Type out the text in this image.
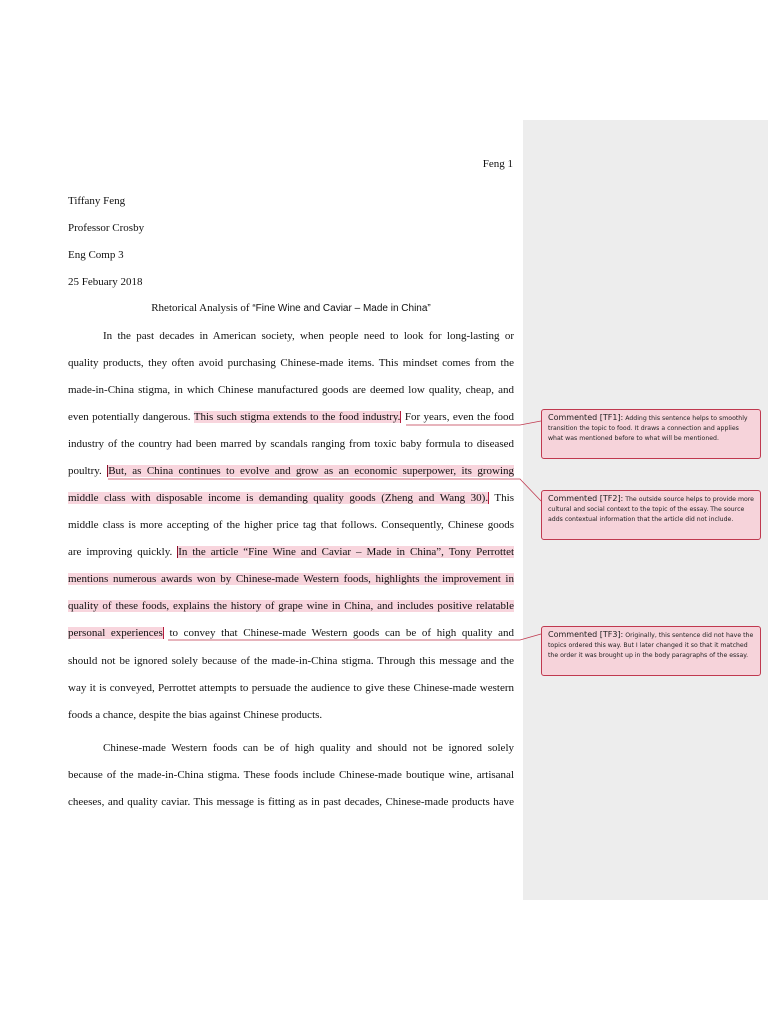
Feng 1
Tiffany Feng
Professor Crosby
Eng Comp 3
25 Febuary 2018
Rhetorical Analysis of “Fine Wine and Caviar – Made in China”
In the past decades in American society, when people need to look for long-lasting or
quality products, they often avoid purchasing Chinese-made items. This mindset comes from the
made-in-China stigma, in which Chinese manufactured goods are deemed low quality, cheap, and
even potentially dangerous. This such stigma extends to the food industry. For years, even the food
industry of the country had been marred by scandals ranging from toxic baby formula to diseased
poultry. But, as China continues to evolve and grow as an economic superpower, its growing
middle class with disposable income is demanding quality goods (Zheng and Wang 30). This
middle class is more accepting of the higher price tag that follows. Consequently, Chinese goods
are improving quickly. In the article “Fine Wine and Caviar – Made in China”, Tony Perrottet
mentions numerous awards won by Chinese-made Western foods, highlights the improvement in
quality of these foods, explains the history of grape wine in China, and includes positive relatable
personal experiences to convey that Chinese-made Western goods can be of high quality and
should not be ignored solely because of the made-in-China stigma. Through this message and the
way it is conveyed, Perrottet attempts to persuade the audience to give these Chinese-made western
foods a chance, despite the bias against Chinese products.
Chinese-made Western foods can be of high quality and should not be ignored solely
because of the made-in-China stigma. These foods include Chinese-made boutique wine, artisanal
cheeses, and quality caviar. This message is fitting as in past decades, Chinese-made products have
Commented [TF1]: Adding this sentence helps to smoothly transition the topic to food. It draws a connection and applies what was mentioned before to what will be mentioned.
Commented [TF2]: The outside source helps to provide more cultural and social context to the topic of the essay. The source adds contextual information that the article did not include.
Commented [TF3]: Originally, this sentence did not have the topics ordered this way. But I later changed it so that it matched the order it was brought up in the body paragraphs of the essay.
